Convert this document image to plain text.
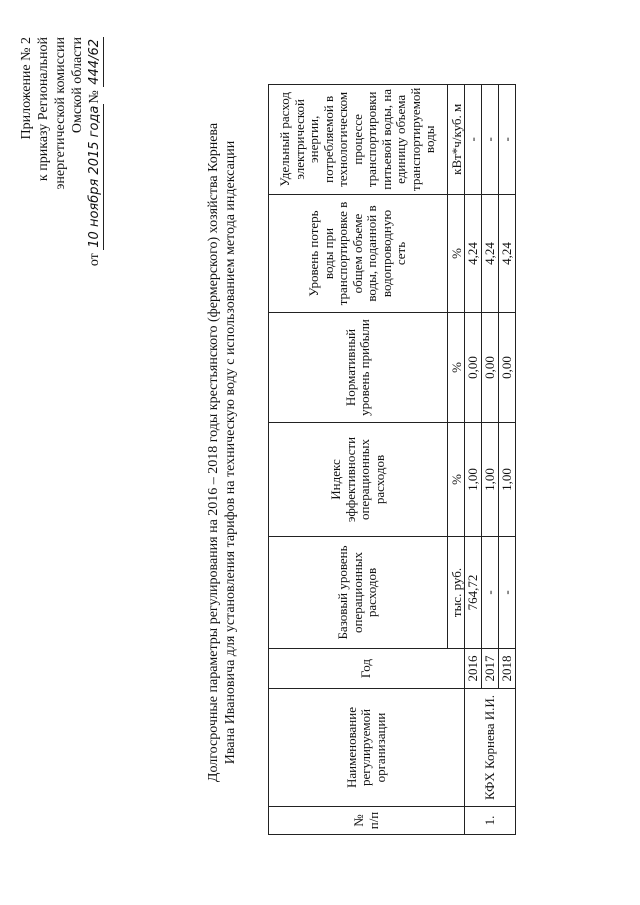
Приложение № 2 к приказу Региональной энергетической комиссии Омской области
от 10 ноября 2015 года№ 444/62
Долгосрочные параметры регулирования на 2016 – 2018 годы крестьянского (фермерского) хозяйства Корнева Ивана Ивановича для установления тарифов на техническую воду с использованием метода индексации
№ п/п	Наименование регулируемой организации	Год	Базовый уровень операционных расходов	Индекс эффективности операционных расходов	Нормативный уровень прибыли	Уровень потерь воды при транспортировке в общем объеме воды, поданной в водопроводную сеть	Удельный расход электрической энергии, потребляемой в технологическом процессе транспортировки питьевой воды, на единицу объема транспортируемой воды
			тыс. руб.	%	%	%	кВт*ч/куб. м
1.	КФХ Корнева И.И.	2016	764,72	1,00	0,00	4,24	-
		2017	-	1,00	0,00	4,24	-
		2018	-	1,00	0,00	4,24	-
